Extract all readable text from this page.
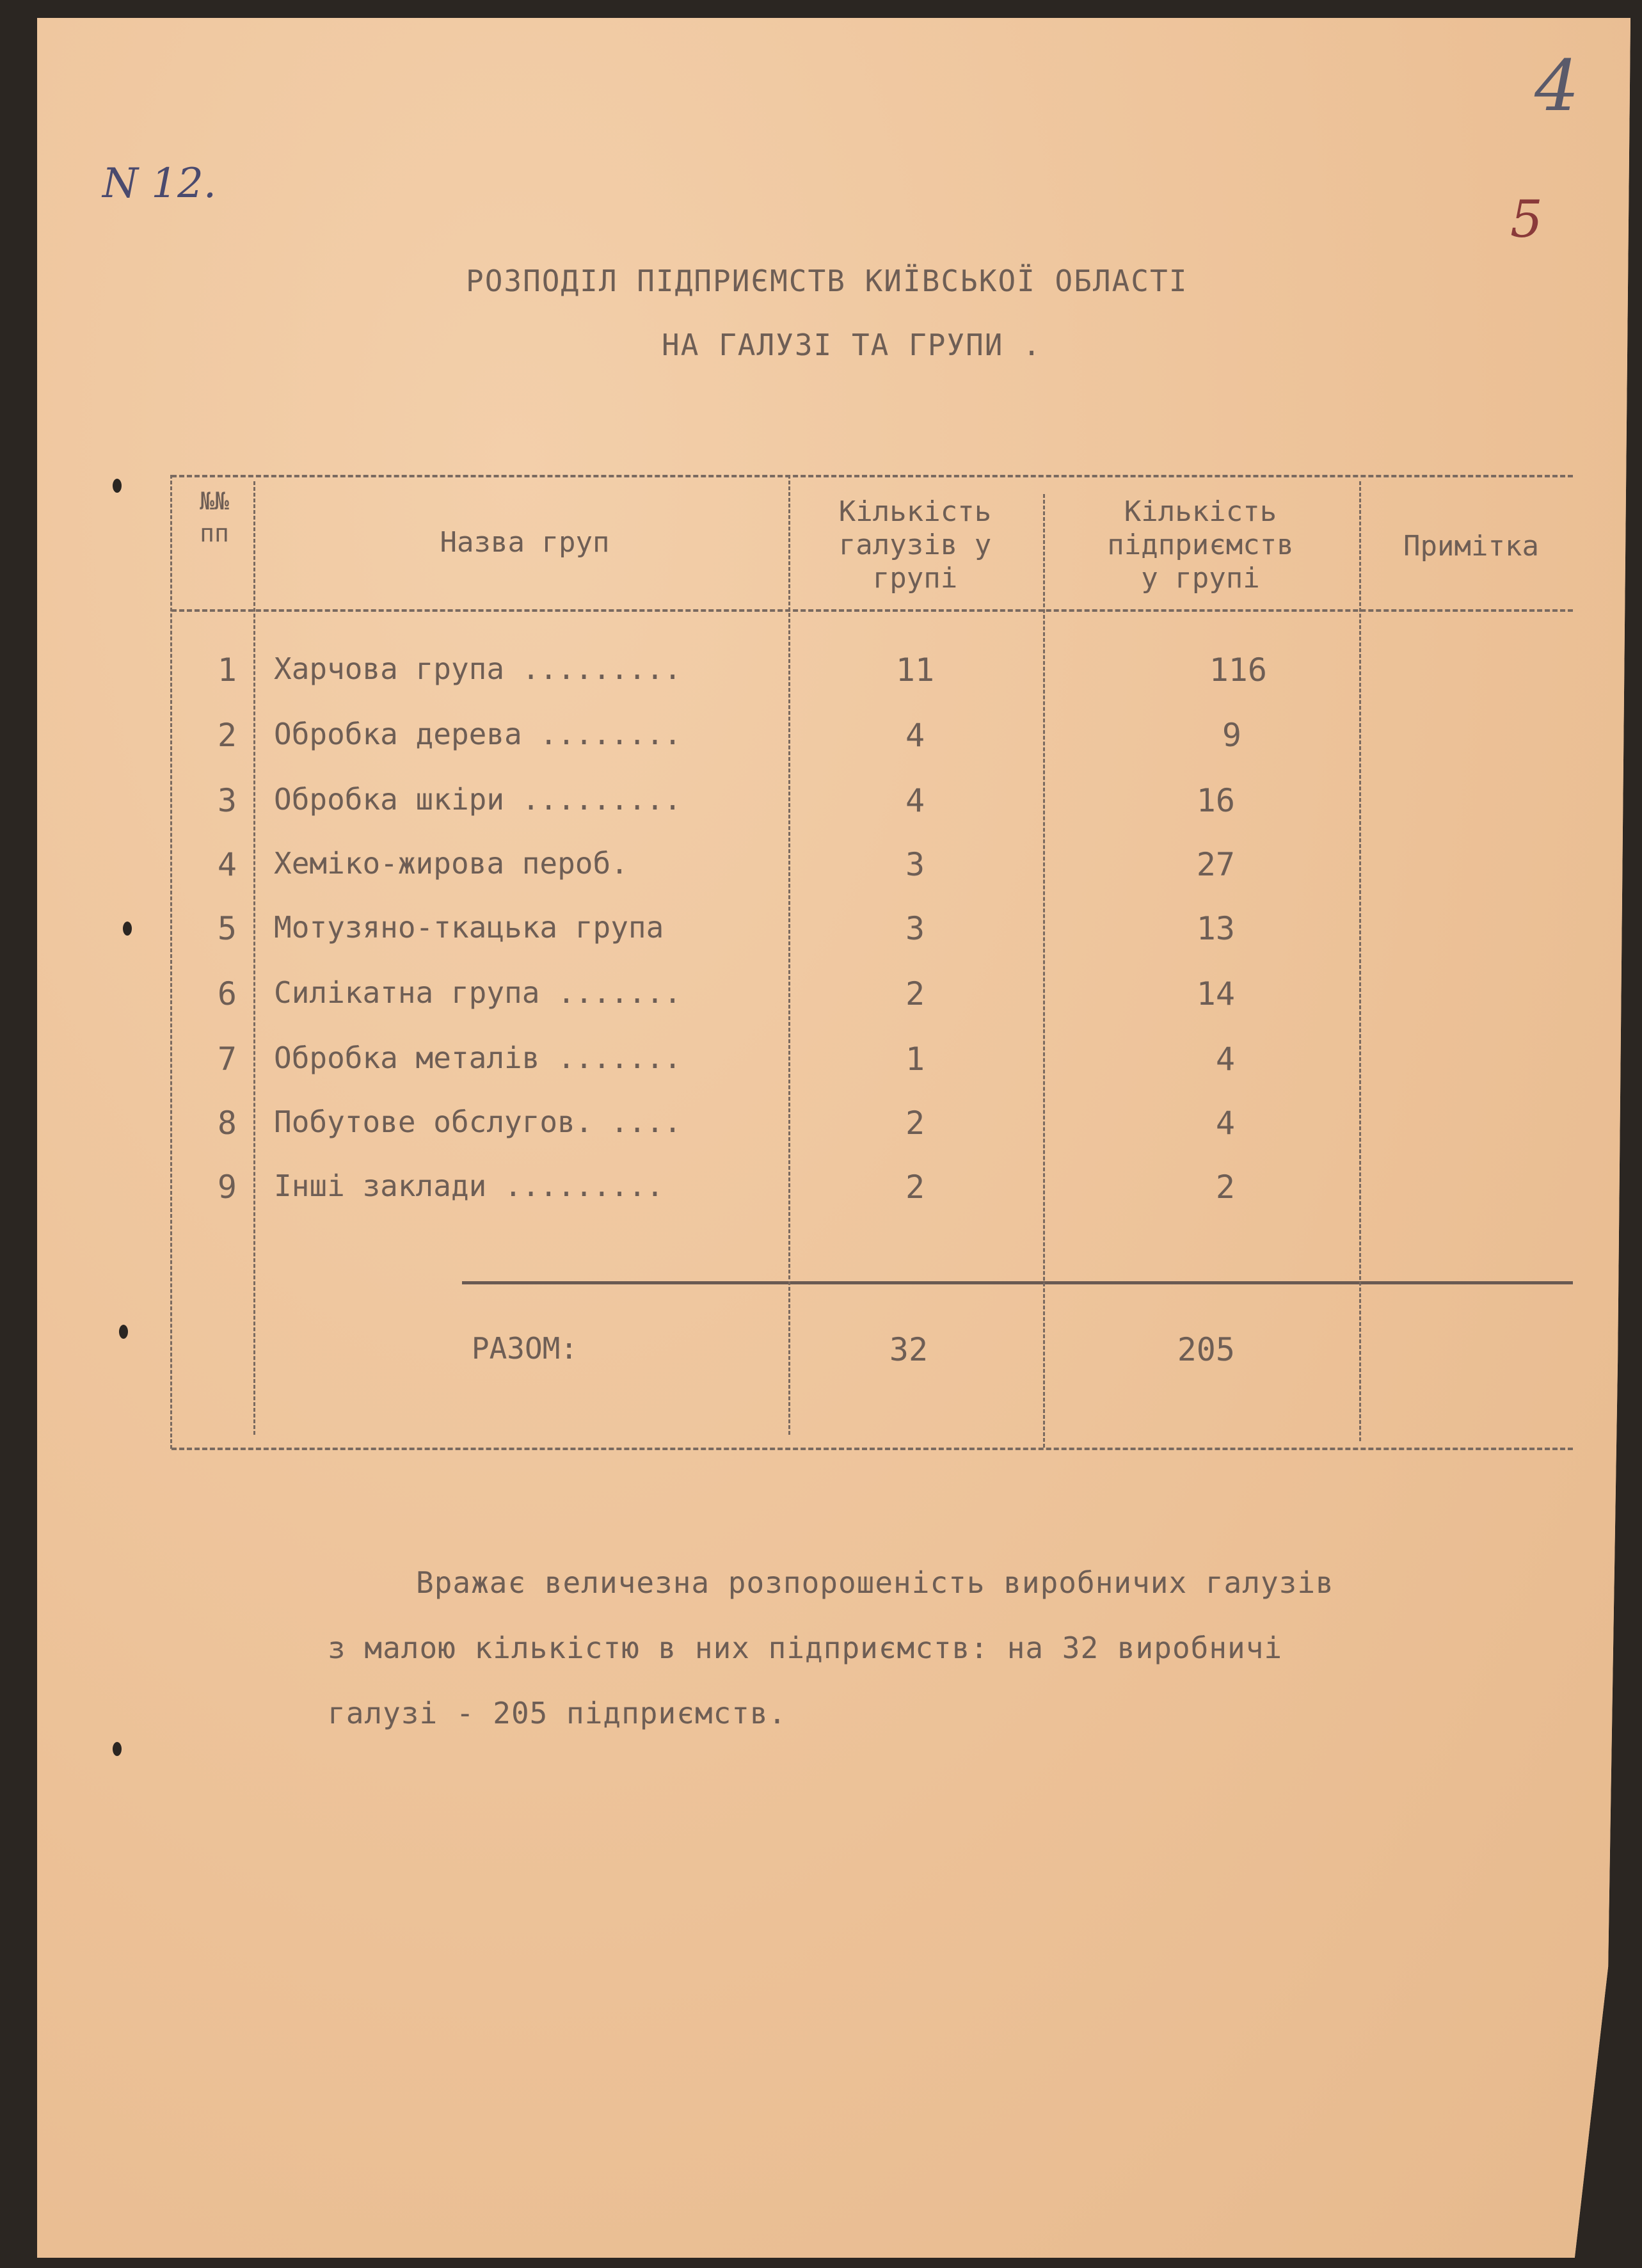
N 12.
4
5
РОЗПОДІЛ ПІДПРИЄМСТВ КИЇВСЬКОЇ ОБЛАСТІ
НА ГАЛУЗІ ТА ГРУПИ .
№№
пп	Назва груп
Кількість
галузів у
групі
Кількість
підприємств
у групі
Примітка
1 Харчова група .........	11	116
2 Обробка дерева ........	4	9
3 Обробка шкіри .........	4	16
4 Хеміко-жирова пероб.	3	27
5 Мотузяно-ткацька група	3	13
6 Силікатна група .......	2	14
7 Обробка металів .......	1	4
8 Побутове обслугов. ....	2	4
9 Інші заклади .........	2	2
РАЗОМ:	32	205
Вражає величезна розпорошеність виробничих галузів
з малою кількістю в них підприємств: на 32 виробничі
галузі - 205 підприємств.
